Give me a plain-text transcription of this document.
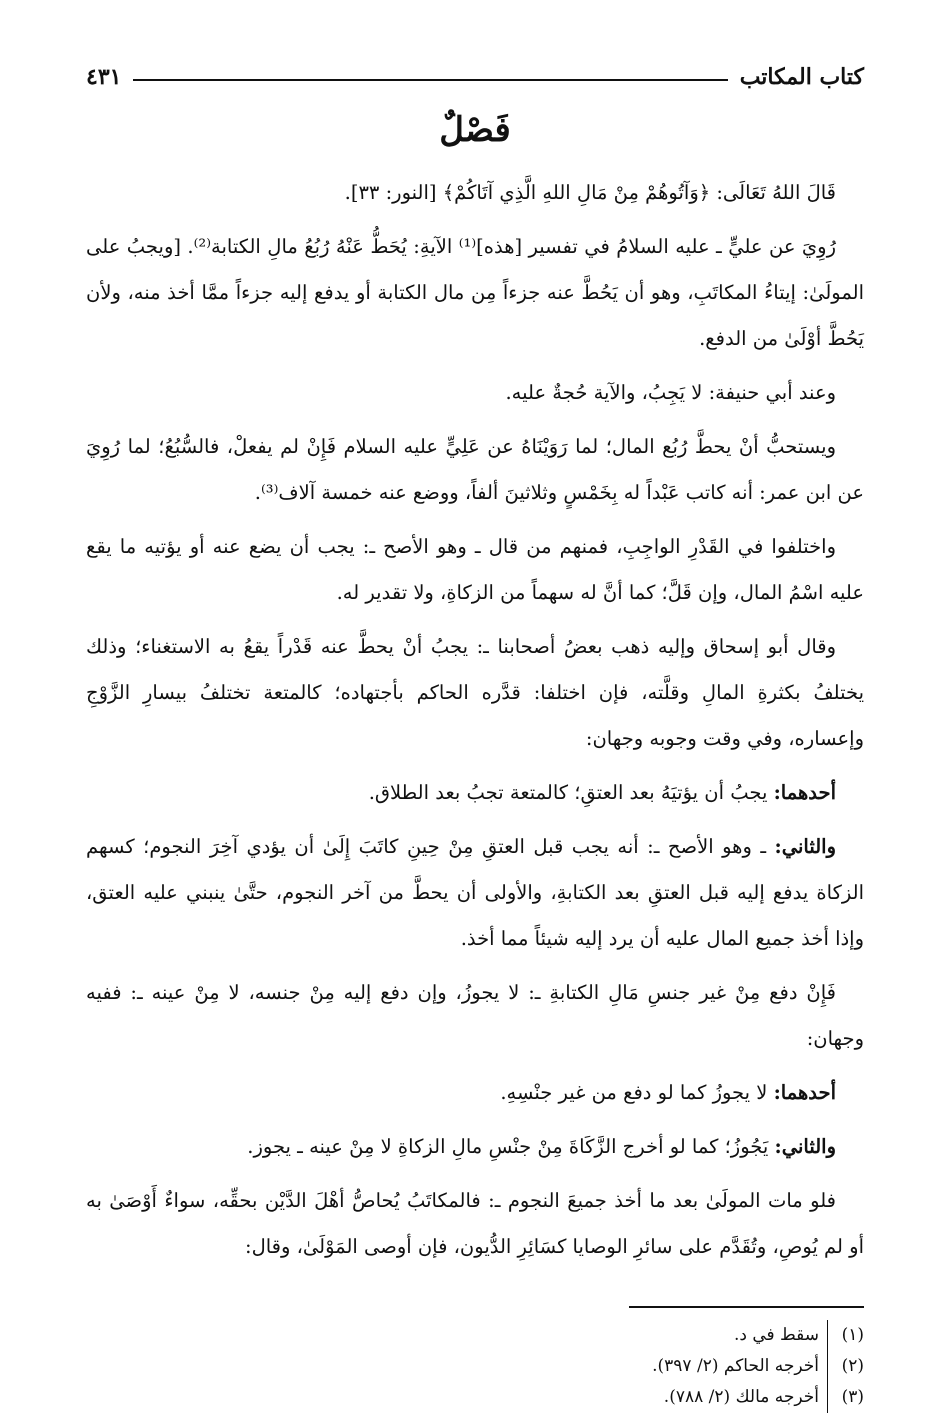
كتاب المكاتب
٤٣١
فَصْلٌ

قَالَ اللهُ تَعَالَى: ﴿وَآتُوهُمْ مِنْ مَالِ اللهِ الَّذِي آتَاكُمْ﴾ [النور: ٣٣].

رُوِيَ عن عليٍّ ـ عليه السلامُ في تفسير [هذه]⁽¹⁾ الآيةِ: يُحَطُّ عَنْهُ رُبُعُ مالِ الكتابة⁽²⁾. [ويجبُ على المولَىٰ: إيتاءُ المكاتَبِ، وهو أن يَحُطَّ عنه جزءاً مِن مال الكتابة أو يدفع إليه جزءاً ممَّا أخذ منه، ولأن يَحُطَّ أوْلَىٰ من الدفع.

وعند أبي حنيفة: لا يَجِبُ، والآية حُجةٌ عليه.

ويستحبُّ أنْ يحطَّ رُبُع المال؛ لما رَوَيْنَاهُ عن عَلِيٍّ عليه السلام فَإِنْ لم يفعلْ، فالسُّبُعُ؛ لما رُوِيَ عن ابن عمر: أنه كاتب عَبْداً له بِخَمْسٍ وثلاثينَ ألفاً، ووضع عنه خمسة آلاف⁽³⁾.

واختلفوا في القَدْرِ الواجِبِ، فمنهم من قال ـ وهو الأصح ـ: يجب أن يضع عنه أو يؤتيه ما يقع عليه اسْمُ المال، وإن قَلَّ؛ كما أنَّ له سهماً من الزكاةِ، ولا تقدير له.

وقال أبو إسحاق وإليه ذهب بعضُ أصحابنا ـ: يجبُ أنْ يحطَّ عنه قَدْراً يقعُ به الاستغناء؛ وذلك يختلفُ بكثرةِ المالِ وقلَّته، فإن اختلفا: قدَّره الحاكم بأجتهاده؛ كالمتعة تختلفُ بيسارِ الزَّوْجِ وإعساره، وفي وقت وجوبه وجهان:

أحدهما: يجبُ أن يؤتيَهُ بعد العتقِ؛ كالمتعة تجبُ بعد الطلاق.

والثاني: ـ وهو الأصح ـ: أنه يجب قبل العتقِ مِنْ حِينِ كاتَبَ إِلَىٰ أن يؤدي آخِرَ النجوم؛ كسهم الزكاة يدفع إليه قبل العتقِ بعد الكتابةِ، والأولى أن يحطَّ من آخر النجوم، حتَّىٰ ينبني عليه العتق، وإذا أخذ جميع المال عليه أن يرد إليه شيئاً مما أخذ.

فَإِنْ دفع مِنْ غير جنسِ مَالِ الكتابةِ ـ: لا يجوزُ، وإن دفع إليه مِنْ جنسه، لا مِنْ عينه ـ: ففيه وجهان:

أحدهما: لا يجوزُ كما لو دفع من غير جنْسِهِ.

والثاني: يَجُوزُ؛ كما لو أخرج الزَّكَاةَ مِنْ جنْسِ مالِ الزكاةِ لا مِنْ عينه ـ يجوز.

فلو مات المولَىٰ بعد ما أخذ جميعَ النجوم ـ: فالمكاتَبُ يُحاصُّ أهْلَ الدَّيْن بحقِّه، سواءٌ أَوْصَىٰ به أو لم يُوصِ، وتُقَدَّم على سائرِ الوصايا كسَائِرِ الدُّيون، فإن أوصى المَوْلَىٰ، وقال:

(١)
سقط في د.
(٢)
أخرجه الحاكم (٢/ ٣٩٧).
(٣)
أخرجه مالك (٢/ ٧٨٨).
